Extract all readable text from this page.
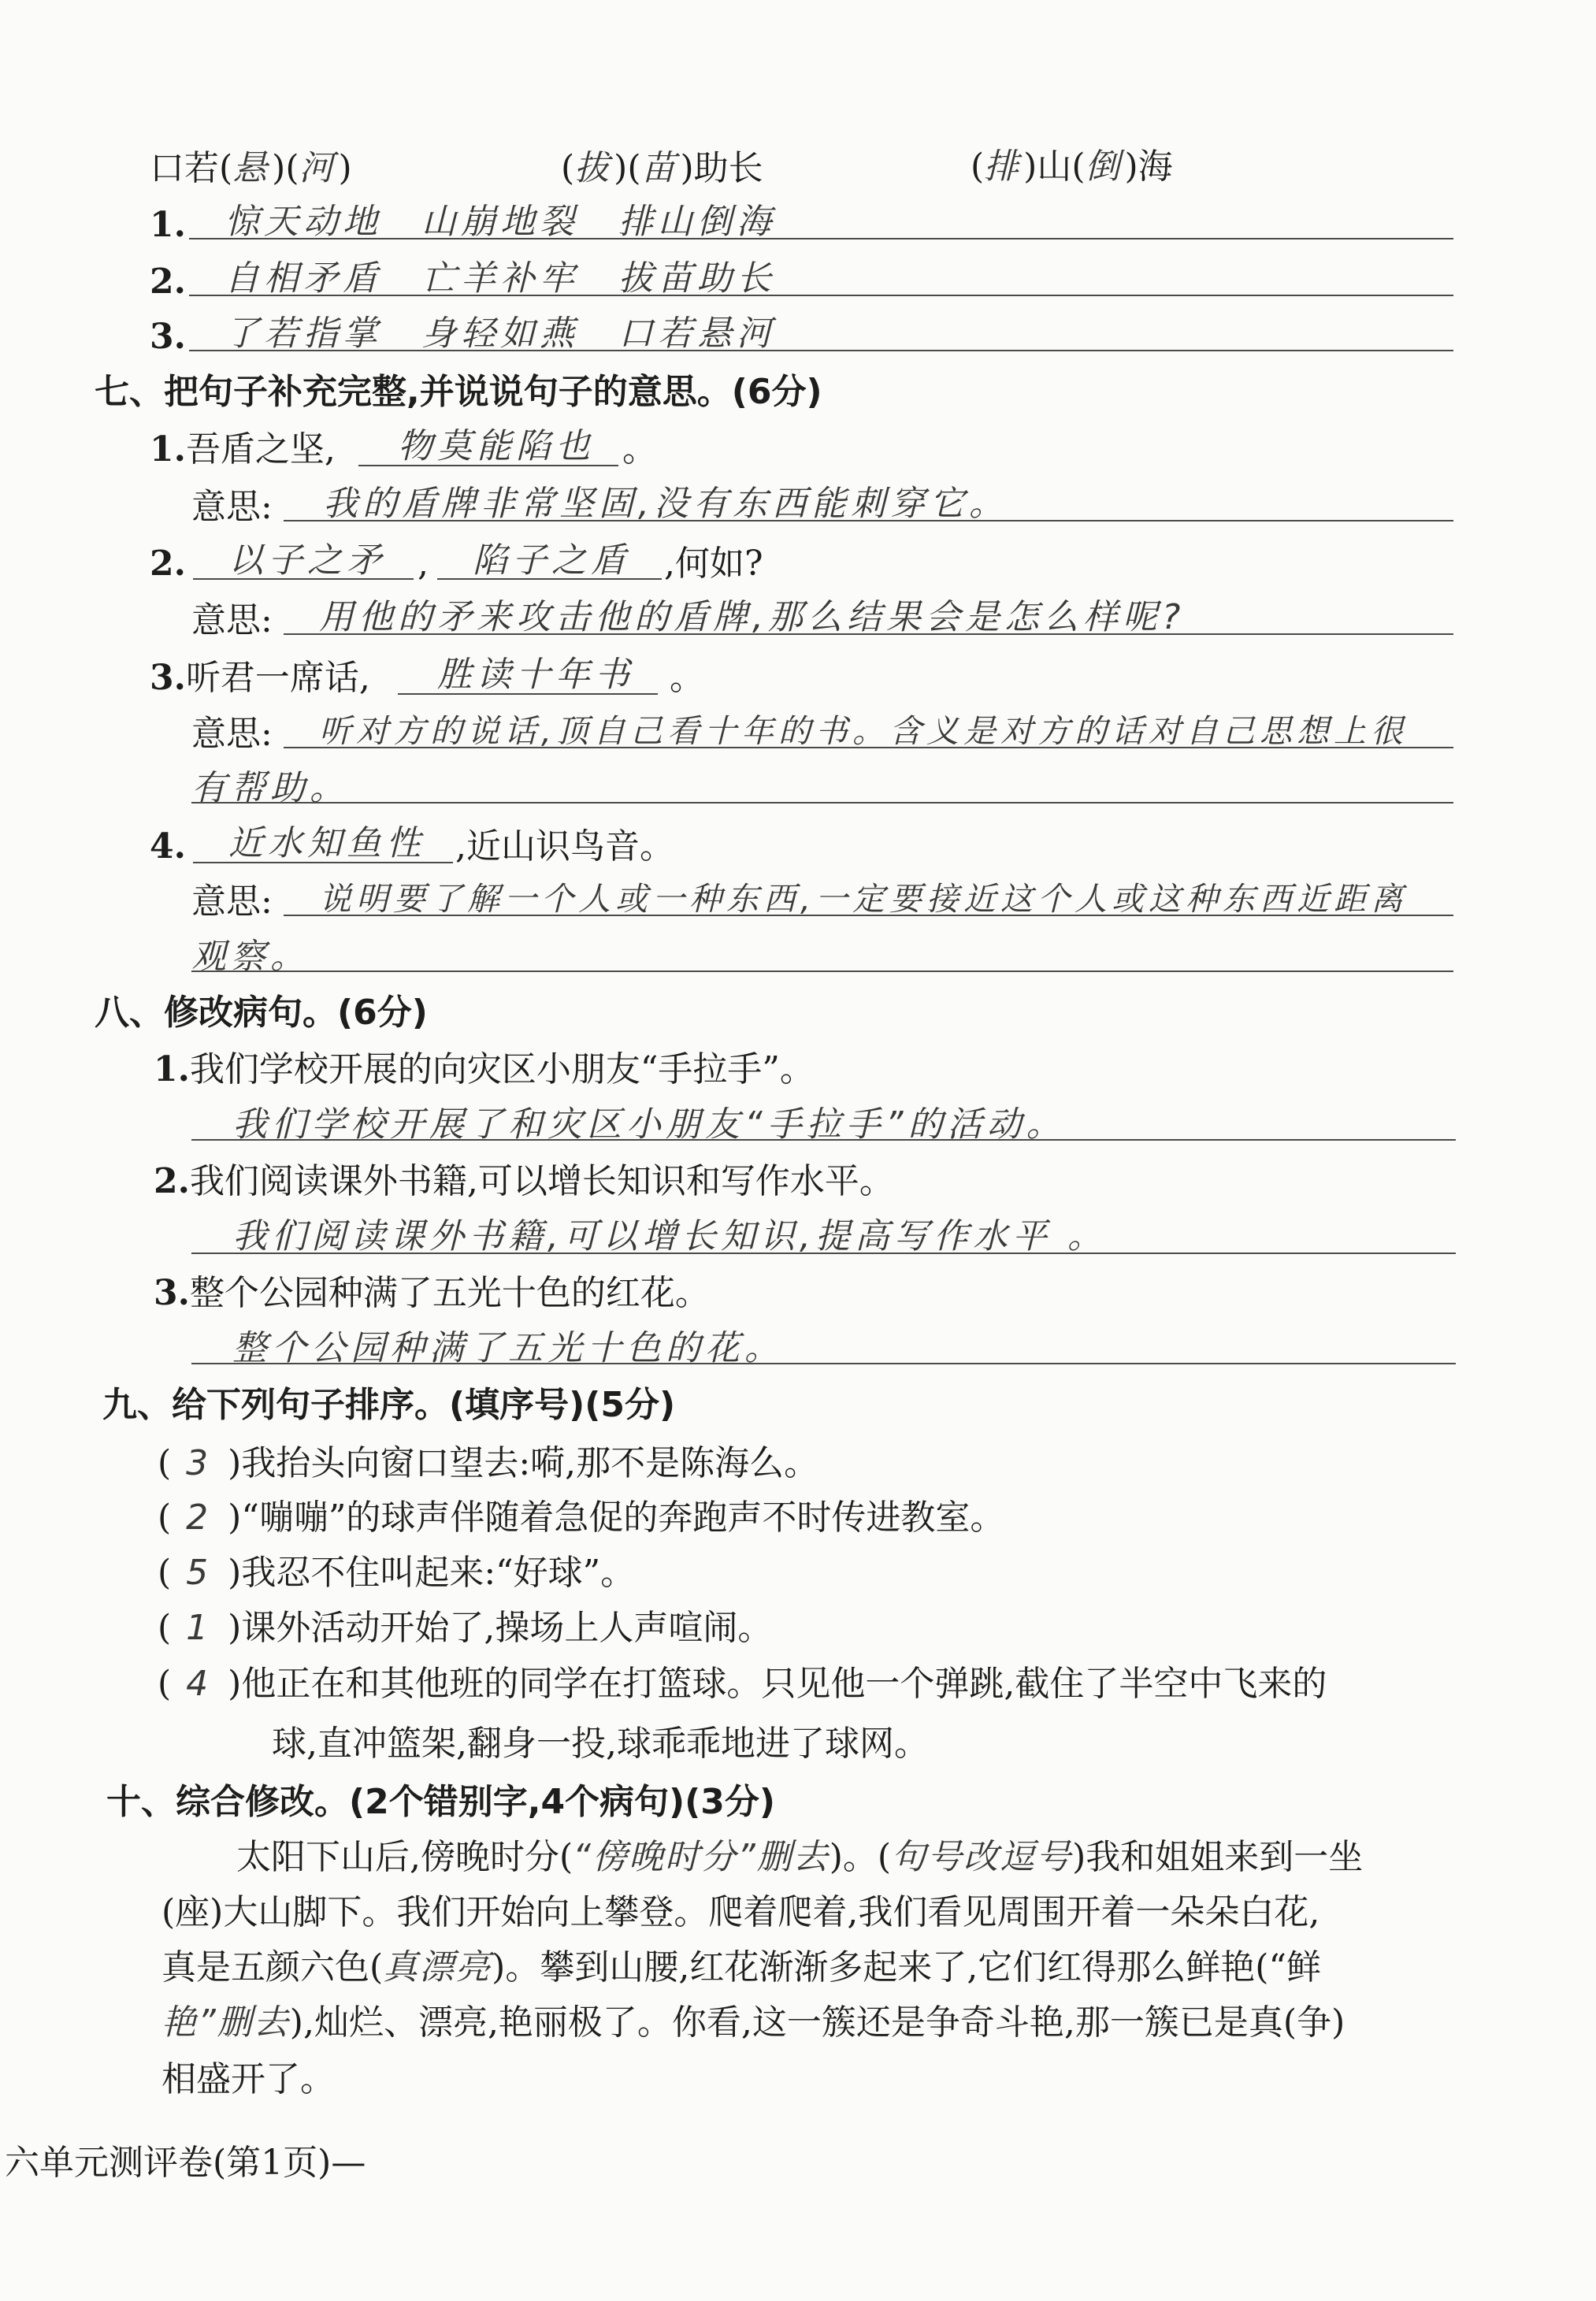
口若(悬)(河)	(拔)(苗)助长	(排)山(倒)海
1. 惊天动地　山崩地裂　排山倒海
2. 自相矛盾　亡羊补牢　拔苗助长
3. 了若指掌　身轻如燕　口若悬河
七、把句子补充完整,并说说句子的意思。(6分)
1.吾盾之坚, 物莫能陷也 。
意思: 我的盾牌非常坚固,没有东西能刺穿它。
2. 以子之矛 , 陷子之盾 ,何如?
意思: 用他的矛来攻击他的盾牌,那么结果会是怎么样呢?
3.听君一席话, 胜读十年书 。
意思: 听对方的说话,顶自己看十年的书。含义是对方的话对自己思想上很
有帮助。
4. 近水知鱼性 ,近山识鸟音。
意思: 说明要了解一个人或一种东西,一定要接近这个人或这种东西近距离
观察。
八、修改病句。(6分)
1.我们学校开展的向灾区小朋友“手拉手”。
我们学校开展了和灾区小朋友“手拉手”的活动。
2.我们阅读课外书籍,可以增长知识和写作水平。
我们阅读课外书籍,可以增长知识,提高写作水平 。
3.整个公园种满了五光十色的红花。
整个公园种满了五光十色的花。
九、给下列句子排序。(填序号)(5分)
( 3 )我抬头向窗口望去:嗬,那不是陈海么。
( 2 )“嘣嘣”的球声伴随着急促的奔跑声不时传进教室。
( 5 )我忍不住叫起来:“好球”。
( 1 )课外活动开始了,操场上人声喧闹。
( 4 )他正在和其他班的同学在打篮球。只见他一个弹跳,截住了半空中飞来的
球,直冲篮架,翻身一投,球乖乖地进了球网。
十、综合修改。(2个错别字,4个病句)(3分)
太阳下山后,傍晚时分(“傍晚时分”删去)。(句号改逗号)我和姐姐来到一坐
(座)大山脚下。我们开始向上攀登。爬着爬着,我们看见周围开着一朵朵白花,
真是五颜六色(真漂亮)。攀到山腰,红花渐渐多起来了,它们红得那么鲜艳(“鲜
艳”删去),灿烂、漂亮,艳丽极了。你看,这一簇还是争奇斗艳,那一簇已是真(争)
相盛开了。
六单元测评卷(第1页)—
